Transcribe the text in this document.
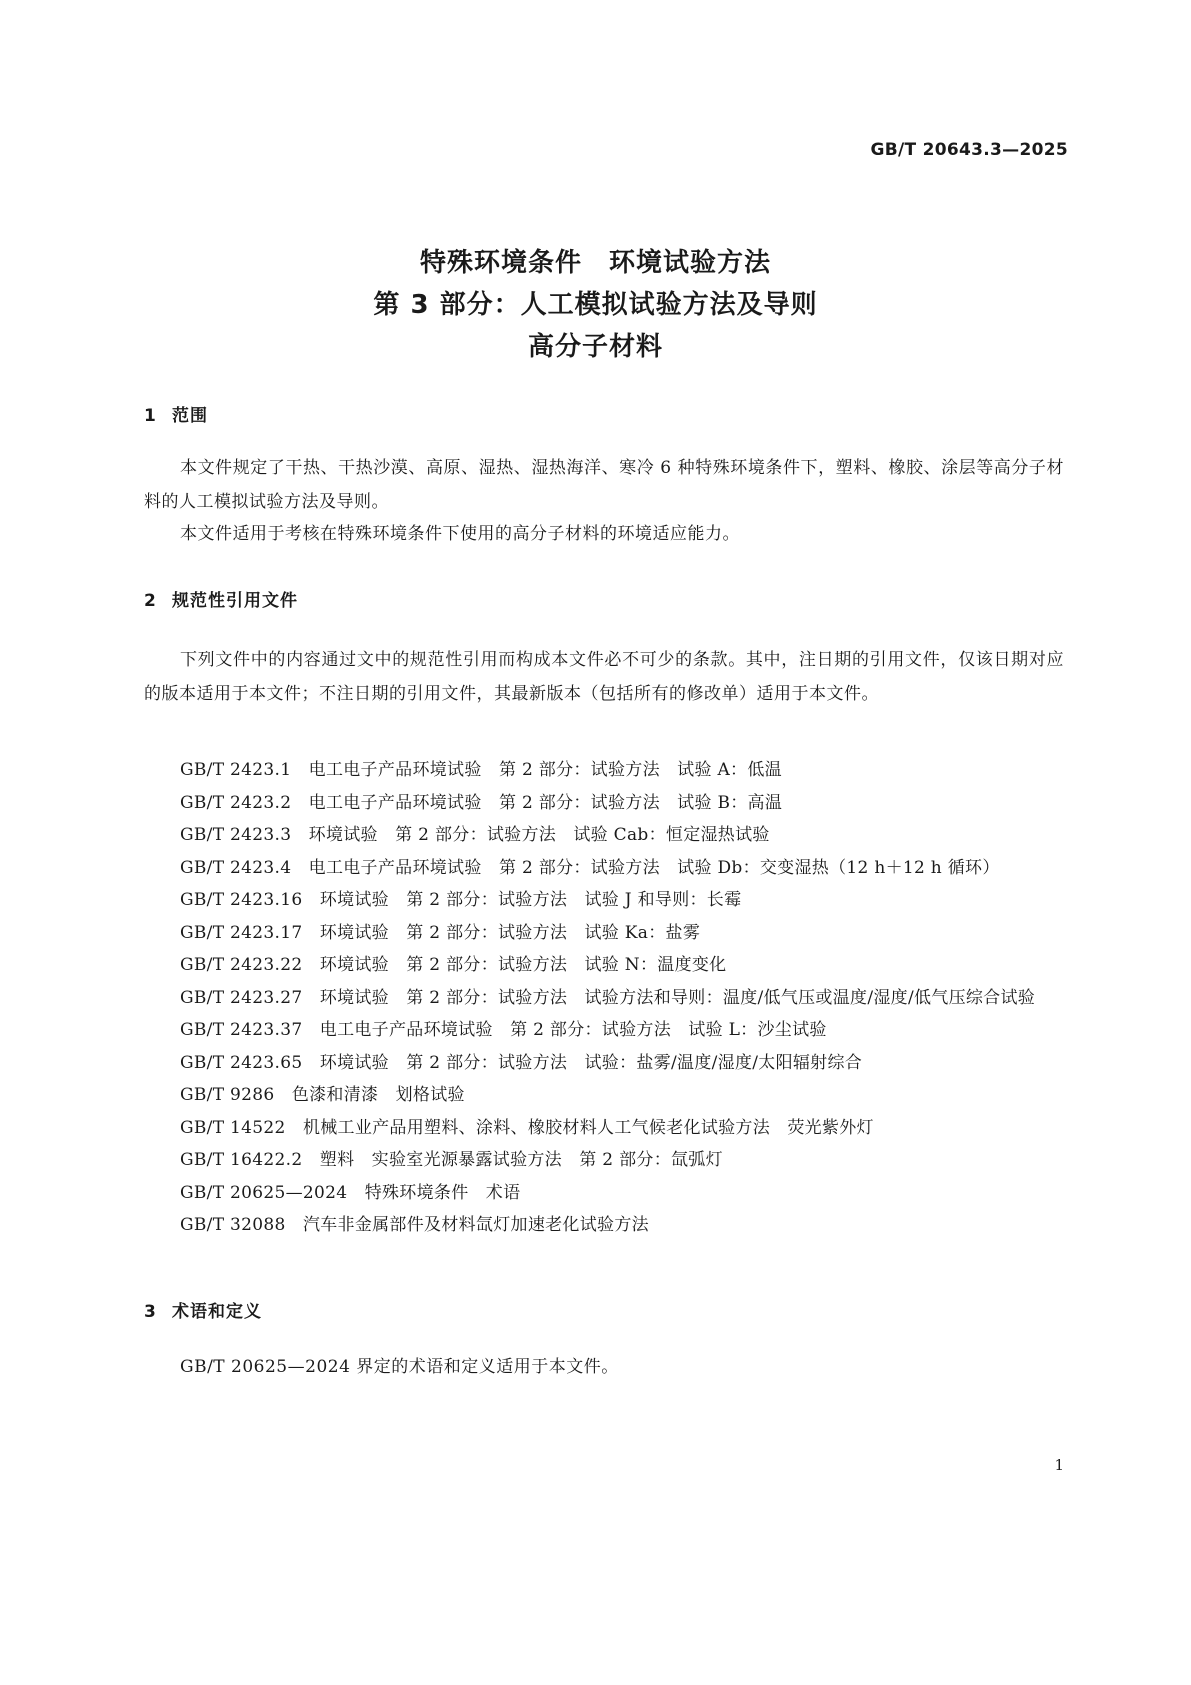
GB/T 20643.3—2025
特殊环境条件　环境试验方法
第 3 部分：人工模拟试验方法及导则
高分子材料
1 范围
本文件规定了干热、干热沙漠、高原、湿热、湿热海洋、寒冷 6 种特殊环境条件下，塑料、橡胶、涂层等高分子材料的人工模拟试验方法及导则。
本文件适用于考核在特殊环境条件下使用的高分子材料的环境适应能力。
2 规范性引用文件
下列文件中的内容通过文中的规范性引用而构成本文件必不可少的条款。其中，注日期的引用文件，仅该日期对应的版本适用于本文件；不注日期的引用文件，其最新版本（包括所有的修改单）适用于本文件。
GB/T 2423.1　 电工电子产品环境试验　第 2 部分：试验方法　试验 A：低温
GB/T 2423.2　 电工电子产品环境试验　第 2 部分：试验方法　试验 B：高温
GB/T 2423.3　 环境试验　第 2 部分：试验方法　试验 Cab：恒定湿热试验
GB/T 2423.4　 电工电子产品环境试验　第 2 部分：试验方法　试验 Db：交变湿热（12 h＋12 h 循环）
GB/T 2423.16　 环境试验　第 2 部分：试验方法　试验 J 和导则：长霉
GB/T 2423.17　 环境试验　第 2 部分：试验方法　试验 Ka：盐雾
GB/T 2423.22　 环境试验　第 2 部分：试验方法　试验 N：温度变化
GB/T 2423.27　 环境试验　第 2 部分：试验方法　试验方法和导则：温度/低气压或温度/湿度/低气压综合试验
GB/T 2423.37　 电工电子产品环境试验　第 2 部分：试验方法　试验 L：沙尘试验
GB/T 2423.65　 环境试验　第 2 部分：试验方法　试验：盐雾/温度/湿度/太阳辐射综合
GB/T 9286　 色漆和清漆　划格试验
GB/T 14522　 机械工业产品用塑料、涂料、橡胶材料人工气候老化试验方法　荧光紫外灯
GB/T 16422.2　 塑料　实验室光源暴露试验方法　第 2 部分：氙弧灯
GB/T 20625—2024　 特殊环境条件　术语
GB/T 32088　 汽车非金属部件及材料氙灯加速老化试验方法
3 术语和定义
GB/T 20625—2024 界定的术语和定义适用于本文件。
1
